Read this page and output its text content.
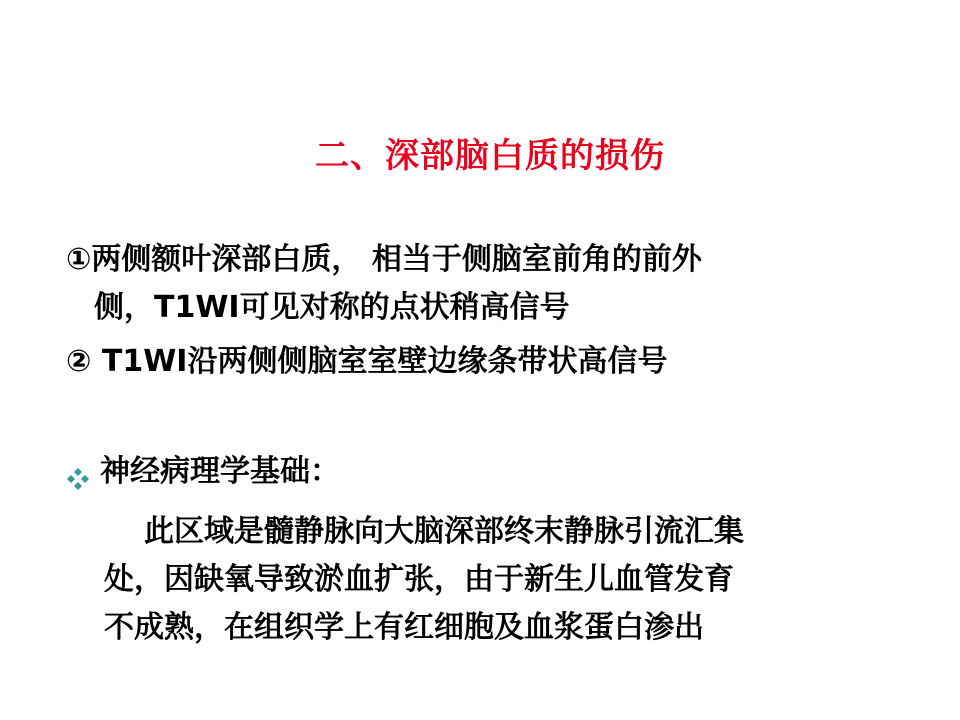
二、深部脑白质的损伤
①两侧额叶深部白质， 相当于侧脑室前角的前外
侧，T1WI可见对称的点状稍高信号
② T1WI沿两侧侧脑室室壁边缘条带状高信号
神经病理学基础：
此区域是髓静脉向大脑深部终末静脉引流汇集
处，因缺氧导致淤血扩张，由于新生儿血管发育
不成熟，在组织学上有红细胞及血浆蛋白渗出
